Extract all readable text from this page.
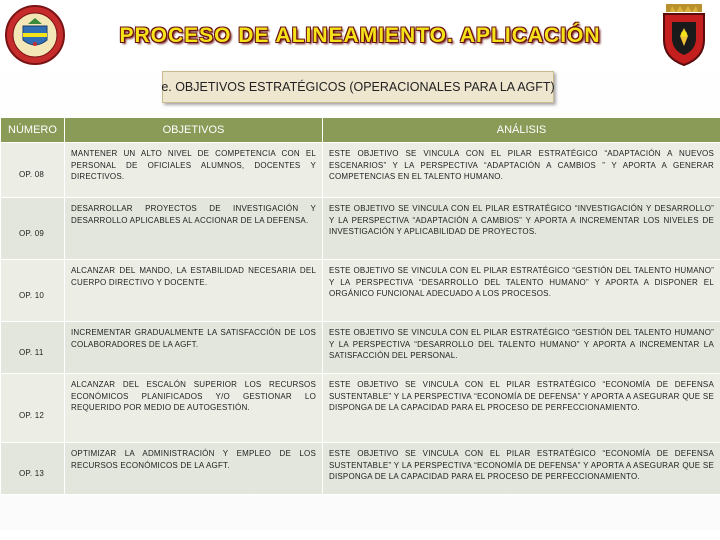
PROCESO DE ALINEAMIENTO. APLICACIÓN
e. OBJETIVOS ESTRATÉGICOS (OPERACIONALES PARA LA AGFT)
NÚMERO	OBJETIVOS	ANÁLISIS
OP. 08	MANTENER UN ALTO NIVEL DE COMPETENCIA CON EL PERSONAL DE OFICIALES ALUMNOS, DOCENTES Y DIRECTIVOS.	ESTE OBJETIVO SE VINCULA CON EL PILAR ESTRATÉGICO “ADAPTACIÓN A NUEVOS ESCENARIOS” Y LA PERSPECTIVA “ADAPTACIÓN A CAMBIOS ” Y APORTA A GENERAR COMPETENCIAS EN EL TALENTO HUMANO.
OP. 09	DESARROLLAR PROYECTOS DE INVESTIGACIÓN Y DESARROLLO APLICABLES AL ACCIONAR DE LA DEFENSA.	ESTE OBJETIVO SE VINCULA CON EL PILAR ESTRATÉGICO “INVESTIGACIÓN Y DESARROLLO” Y LA PERSPECTIVA “ADAPTACIÓN A CAMBIOS” Y APORTA A INCREMENTAR LOS NIVELES DE INVESTIGACIÓN Y APLICABILIDAD DE PROYECTOS.
OP. 10	ALCANZAR DEL MANDO, LA ESTABILIDAD NECESARIA DEL CUERPO DIRECTIVO Y DOCENTE.	ESTE OBJETIVO SE VINCULA CON EL PILAR ESTRATÉGICO “GESTIÓN DEL TALENTO HUMANO” Y LA PERSPECTIVA “DESARROLLO DEL TALENTO HUMANO” Y APORTA A DISPONER EL ORGÁNICO FUNCIONAL ADECUADO A LOS PROCESOS.
OP. 11	INCREMENTAR GRADUALMENTE LA SATISFACCIÓN DE LOS COLABORADORES DE LA AGFT.	ESTE OBJETIVO SE VINCULA CON EL PILAR ESTRATÉGICO “GESTIÓN DEL TALENTO HUMANO” Y LA PERSPECTIVA “DESARROLLO DEL TALENTO HUMANO” Y APORTA A INCREMENTAR LA SATISFACCIÓN DEL PERSONAL.
OP. 12	ALCANZAR DEL ESCALÓN SUPERIOR LOS RECURSOS ECONÓMICOS PLANIFICADOS Y/O GESTIONAR LO REQUERIDO POR MEDIO DE AUTOGESTIÓN.	ESTE OBJETIVO SE VINCULA CON EL PILAR ESTRATÉGICO “ECONOMÍA DE DEFENSA SUSTENTABLE” Y LA PERSPECTIVA “ECONOMÍA DE DEFENSA” Y APORTA A ASEGURAR QUE SE DISPONGA DE LA CAPACIDAD PARA EL PROCESO DE PERFECCIONAMIENTO.
OP. 13	OPTIMIZAR LA ADMINISTRACIÓN Y EMPLEO DE LOS RECURSOS ECONÓMICOS DE LA AGFT.	ESTE OBJETIVO SE VINCULA CON EL PILAR ESTRATÉGICO “ECONOMÍA DE DEFENSA SUSTENTABLE” Y LA PERSPECTIVA “ECONOMÍA DE DEFENSA” Y APORTA A ASEGURAR QUE SE DISPONGA DE LA CAPACIDAD PARA EL PROCESO DE PERFECCIONAMIENTO.
